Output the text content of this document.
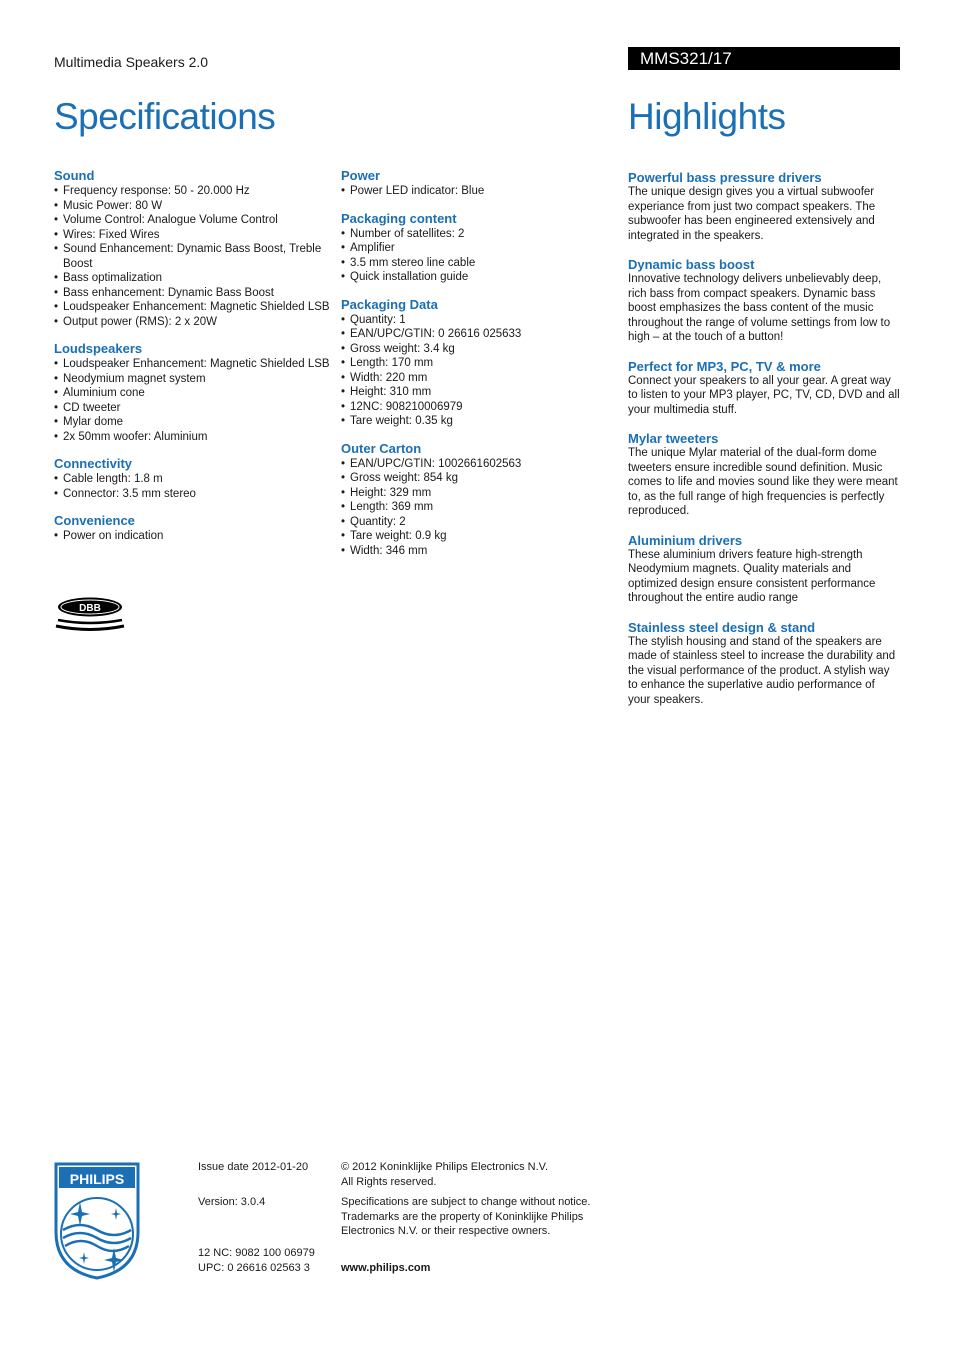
Multimedia Speakers 2.0	MMS321/17
Specifications	Highlights
Sound
• Frequency response: 50 - 20.000 Hz
• Music Power: 80 W
• Volume Control: Analogue Volume Control
• Wires: Fixed Wires
• Sound Enhancement: Dynamic Bass Boost, Treble Boost
• Bass optimalization
• Bass enhancement: Dynamic Bass Boost
• Loudspeaker Enhancement: Magnetic Shielded LSB
• Output power (RMS): 2 x 20W
Loudspeakers
• Loudspeaker Enhancement: Magnetic Shielded LSB
• Neodymium magnet system
• Aluminium cone
• CD tweeter
• Mylar dome
• 2x 50mm woofer: Aluminium
Connectivity
• Cable length: 1.8 m
• Connector: 3.5 mm stereo
Convenience
• Power on indication
Power
• Power LED indicator: Blue
Packaging content
• Number of satellites: 2
• Amplifier
• 3.5 mm stereo line cable
• Quick installation guide
Packaging Data
• Quantity: 1
• EAN/UPC/GTIN: 0 26616 025633
• Gross weight: 3.4 kg
• Length: 170 mm
• Width: 220 mm
• Height: 310 mm
• 12NC: 908210006979
• Tare weight: 0.35 kg
Outer Carton
• EAN/UPC/GTIN: 1002661602563
• Gross weight: 854 kg
• Height: 329 mm
• Length: 369 mm
• Quantity: 2
• Tare weight: 0.9 kg
• Width: 346 mm
DBB
Powerful bass pressure drivers

The unique design gives you a virtual subwoofer experiance from just two compact speakers. The subwoofer has been engineered extensively and integrated in the speakers.

Dynamic bass boost

Innovative technology delivers unbelievably deep, rich bass from compact speakers. Dynamic bass boost emphasizes the bass content of the music throughout the range of volume settings from low to high – at the touch of a button!

Perfect for MP3, PC, TV & more

Connect your speakers to all your gear. A great way to listen to your MP3 player, PC, TV, CD, DVD and all your multimedia stuff.

Mylar tweeters

The unique Mylar material of the dual-form dome tweeters ensure incredible sound definition. Music comes to life and movies sound like they were meant to, as the full range of high frequencies is perfectly reproduced.

Aluminium drivers

These aluminium drivers feature high-strength Neodymium magnets. Quality materials and optimized design ensure consistent performance throughout the entire audio range

Stainless steel design & stand

The stylish housing and stand of the speakers are made of stainless steel to increase the durability and the visual performance of the product. A stylish way to enhance the superlative audio performance of your speakers.

PHILIPS

Issue date 2012-01-20

Version: 3.0.4

12 NC: 9082 100 06979

UPC: 0 26616 02563 3

© 2012 Koninklijke Philips Electronics N.V.

All Rights reserved.

Specifications are subject to change without notice.

Trademarks are the property of Koninklijke Philips

Electronics N.V. or their respective owners.

www.philips.com
